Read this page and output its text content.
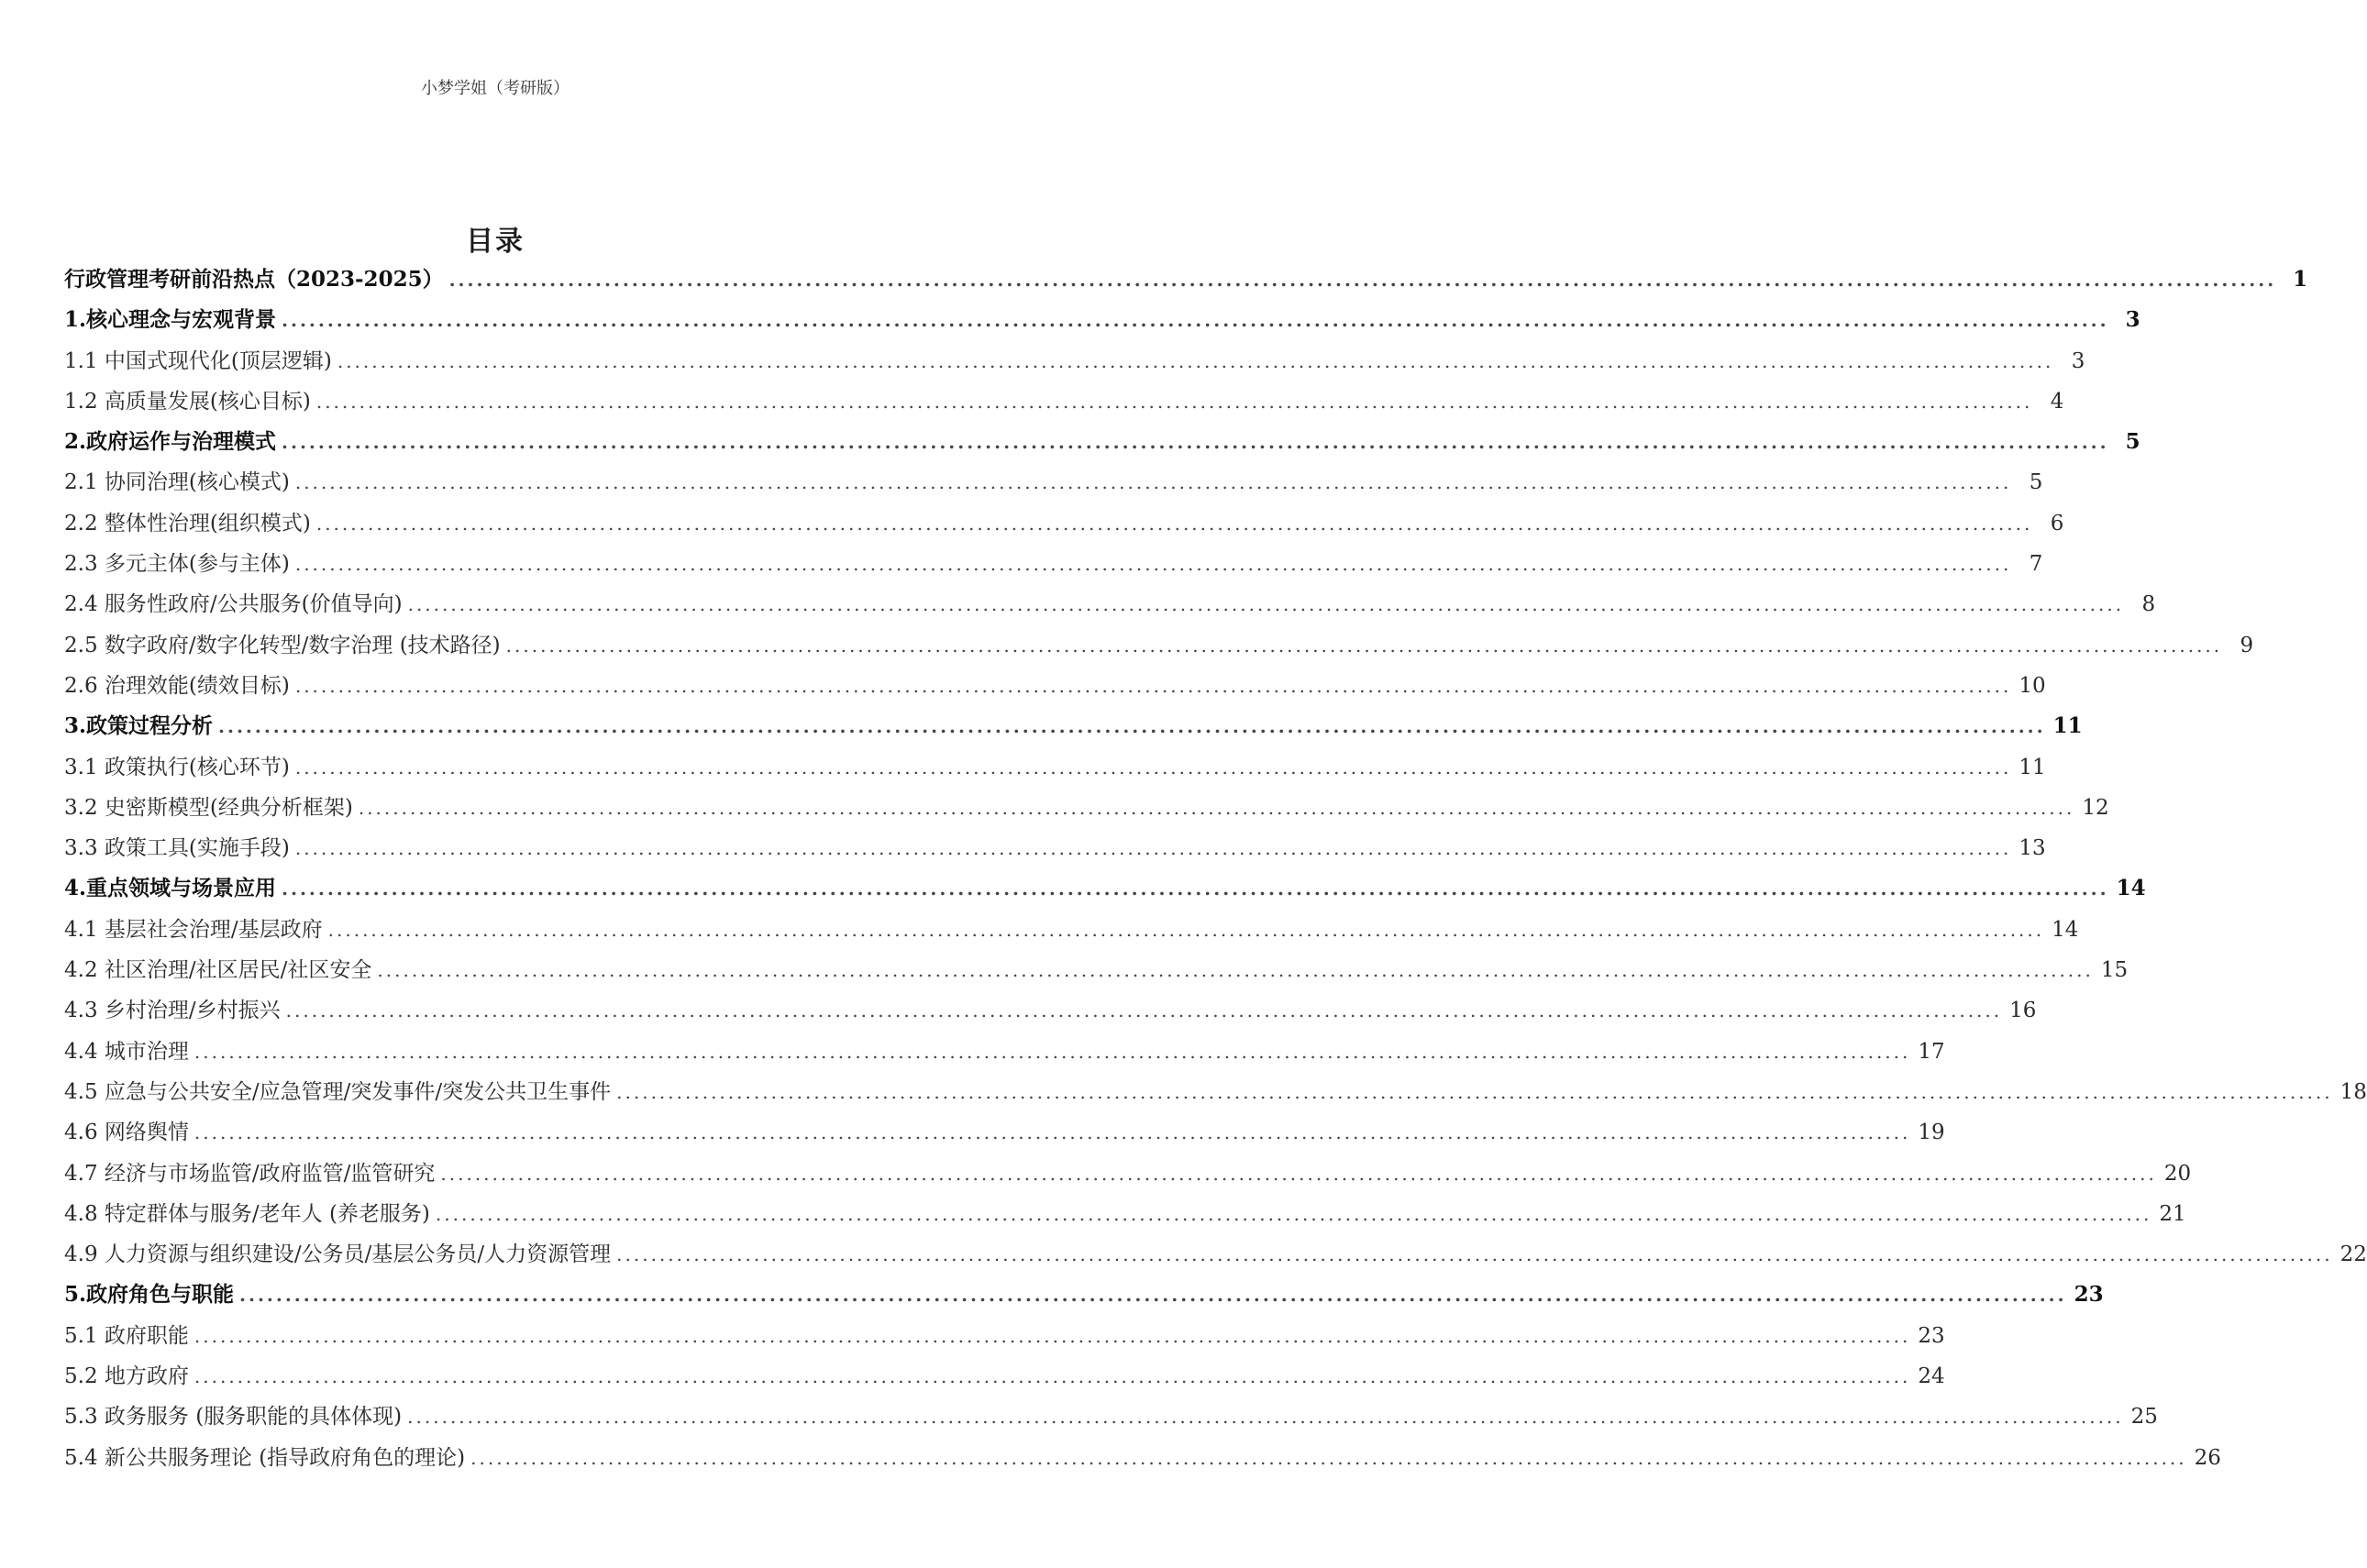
小梦学姐（考研版）
目录
行政管理考研前沿热点（2023-2025） ........................................................................................................................................................................................................ 1
1.核心理念与宏观背景 ........................................................................................................................................................................................................ 3
1.1 中国式现代化(顶层逻辑) ........................................................................................................................................................................................................ 3
1.2 高质量发展(核心目标) ........................................................................................................................................................................................................ 4
2.政府运作与治理模式 ........................................................................................................................................................................................................ 5
2.1 协同治理(核心模式) ........................................................................................................................................................................................................ 5
2.2 整体性治理(组织模式) ........................................................................................................................................................................................................ 6
2.3 多元主体(参与主体) ........................................................................................................................................................................................................ 7
2.4 服务性政府/公共服务(价值导向) ........................................................................................................................................................................................................ 8
2.5 数字政府/数字化转型/数字治理 (技术路径) ........................................................................................................................................................................................................ 9
2.6 治理效能(绩效目标) ........................................................................................................................................................................................................ 10
3.政策过程分析 ........................................................................................................................................................................................................ 11
3.1 政策执行(核心环节) ........................................................................................................................................................................................................ 11
3.2 史密斯模型(经典分析框架) ........................................................................................................................................................................................................ 12
3.3 政策工具(实施手段) ........................................................................................................................................................................................................ 13
4.重点领域与场景应用 ........................................................................................................................................................................................................ 14
4.1 基层社会治理/基层政府 ........................................................................................................................................................................................................ 14
4.2 社区治理/社区居民/社区安全 ........................................................................................................................................................................................................ 15
4.3 乡村治理/乡村振兴 ........................................................................................................................................................................................................ 16
4.4 城市治理 ........................................................................................................................................................................................................ 17
4.5 应急与公共安全/应急管理/突发事件/突发公共卫生事件 ........................................................................................................................................................................................................ 18
4.6 网络舆情 ........................................................................................................................................................................................................ 19
4.7 经济与市场监管/政府监管/监管研究 ........................................................................................................................................................................................................ 20
4.8 特定群体与服务/老年人 (养老服务) ........................................................................................................................................................................................................ 21
4.9 人力资源与组织建设/公务员/基层公务员/人力资源管理 ........................................................................................................................................................................................................ 22
5.政府角色与职能 ........................................................................................................................................................................................................ 23
5.1 政府职能 ........................................................................................................................................................................................................ 23
5.2 地方政府 ........................................................................................................................................................................................................ 24
5.3 政务服务 (服务职能的具体体现) ........................................................................................................................................................................................................ 25
5.4 新公共服务理论 (指导政府角色的理论) ........................................................................................................................................................................................................ 26
